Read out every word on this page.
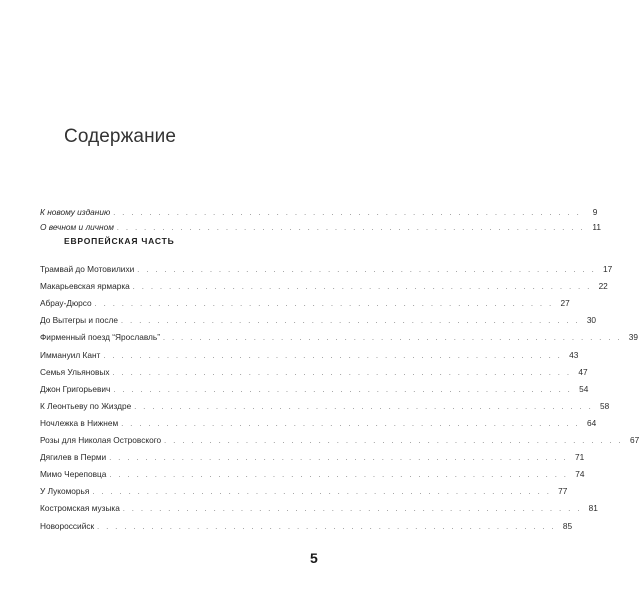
Содержание
К новому изданию . . . . . . . . . . . . . . . . . . . . . . . . . . . . . . . . . . . . . . . . . . . . . . . . . . . .	9
О вечном и личном . . . . . . . . . . . . . . . . . . . . . . . . . . . . . . . . . . . . . . . . . . . . . . . . . . . . 11
ЕВРОПЕЙСКАЯ ЧАСТЬ
Трамвай до Мотовилихи . . . . . . . . . . . . . . . . . . . . . . . . . . . . . . . . . . . . . . . . . . . . . . . . . . . 17
Макарьевская ярмарка . . . . . . . . . . . . . . . . . . . . . . . . . . . . . . . . . . . . . . . . . . . . . . . . . . . 22
Абрау-Дюрсо . . . . . . . . . . . . . . . . . . . . . . . . . . . . . . . . . . . . . . . . . . . . . . . . . . . 27
До Вытегры и после . . . . . . . . . . . . . . . . . . . . . . . . . . . . . . . . . . . . . . . . . . . . . . . . . . . 30
Фирменный поезд “Ярославль” . . . . . . . . . . . . . . . . . . . . . . . . . . . . . . . . . . . . . . . . . . . . . . . . . . . 39
Иммануил Кант . . . . . . . . . . . . . . . . . . . . . . . . . . . . . . . . . . . . . . . . . . . . . . . . . . . 43
Семья Ульяновых . . . . . . . . . . . . . . . . . . . . . . . . . . . . . . . . . . . . . . . . . . . . . . . . . . . 47
Джон Григорьевич . . . . . . . . . . . . . . . . . . . . . . . . . . . . . . . . . . . . . . . . . . . . . . . . . . . 54
К Леонтьеву по Жиздре . . . . . . . . . . . . . . . . . . . . . . . . . . . . . . . . . . . . . . . . . . . . . . . . . . . 58
Ночлежка в Нижнем . . . . . . . . . . . . . . . . . . . . . . . . . . . . . . . . . . . . . . . . . . . . . . . . . . . 64
Розы для Николая Островского . . . . . . . . . . . . . . . . . . . . . . . . . . . . . . . . . . . . . . . . . . . . . . . . . . . 67
Дягилев в Перми . . . . . . . . . . . . . . . . . . . . . . . . . . . . . . . . . . . . . . . . . . . . . . . . . . . 71
Мимо Череповца . . . . . . . . . . . . . . . . . . . . . . . . . . . . . . . . . . . . . . . . . . . . . . . . . . . 74
У Лукоморья . . . . . . . . . . . . . . . . . . . . . . . . . . . . . . . . . . . . . . . . . . . . . . . . . . . 77
Костромская музыка . . . . . . . . . . . . . . . . . . . . . . . . . . . . . . . . . . . . . . . . . . . . . . . . . . . 81
Новороссийск . . . . . . . . . . . . . . . . . . . . . . . . . . . . . . . . . . . . . . . . . . . . . . . . . . . 85
5
